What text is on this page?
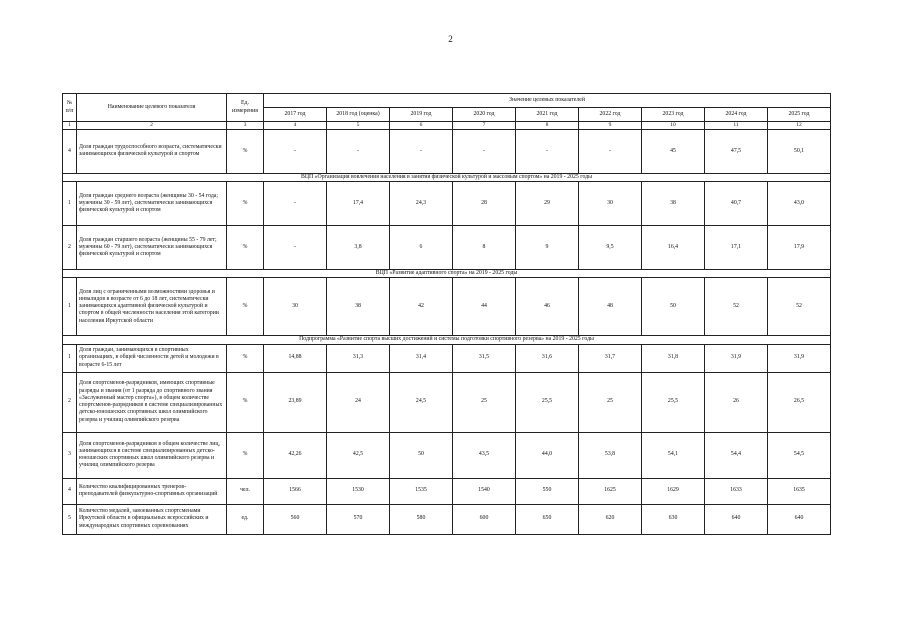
2
№ п/п	Наименование целевого показателя	Ед. измерения	Значение целевых показателей								
			2017 год	2018 год (оценка)	2019 год	2020 год	2021 год	2022 год	2023 год	2024 год	2025 год
1	2	3	4	5	6	7	8	9	10	11	12
4	Доля граждан трудоспособного возраста, систематически занимающихся физической культурой и спортом	%	-	-	-	-	-	-	45	47,5	50,1
ВЦП «Организация вовлечения населения в занятия физической культурой и массовым спортом» на 2019 - 2025 годы											
1	Доля граждан среднего возраста (женщины 30 - 54 года; мужчины 30 - 59 лет), систематически занимающихся физической культурой и спортом	%	-	17,4	24,3	28	29	30	38	40,7	43,0
2	Доля граждан старшего возраста (женщины 55 - 79 лет; мужчины 60 - 79 лет), систематически занимающихся физической культурой и спортом	%	-	3,8	6	8	9	9,5	16,4	17,1	17,9
ВЦП «Развитие адаптивного спорта» на 2019 - 2025 годы											
1	Доля лиц с ограниченными возможностями здоровья и инвалидов в возрасте от 6 до 18 лет, систематически занимающихся адаптивной физической культурой и спортом в общей численности населения этой категории населения Иркутской области	%	30	38	42	44	46	48	50	52	52
Подпрограмма «Развитие спорта высших достижений и системы подготовки спортивного резерва» на 2019 - 2025 годы											
1	Доля граждан, занимающихся в спортивных организациях, в общей численности детей и молодежи в возрасте 6-15 лет	%	14,88	31,3	31,4	31,5	31,6	31,7	31,8	31,9	31,9
2	Доля спортсменов-разрядников, имеющих спортивные разряды и звания (от 1 разряда до спортивного звания «Заслуженный мастер спорта»), в общем количестве спортсменов-разрядников в системе специализированных детско-юношеских спортивных школ олимпийского резерва и училищ олимпийского резерва	%	23,89	24	24,5	25	25,5	25	25,5	26	26,5
3	Доля спортсменов-разрядников в общем количестве лиц, занимающихся в системе специализированных детско-юношеских спортивных школ олимпийского резерва и училищ олимпийского резерва	%	42,26	42,5	50	43,5	44,0	53,8	54,1	54,4	54,5
4	Количество квалифицированных тренеров-преподавателей физкультурно-спортивных организаций	чел.	1566	1530	1535	1540	550	1625	1629	1633	1635
5	Количество медалей, завоеванных спортсменами Иркутской области в официальных всероссийских и международных спортивных соревнованиях	ед.	560	570	580	600	650	620	630	640	640
